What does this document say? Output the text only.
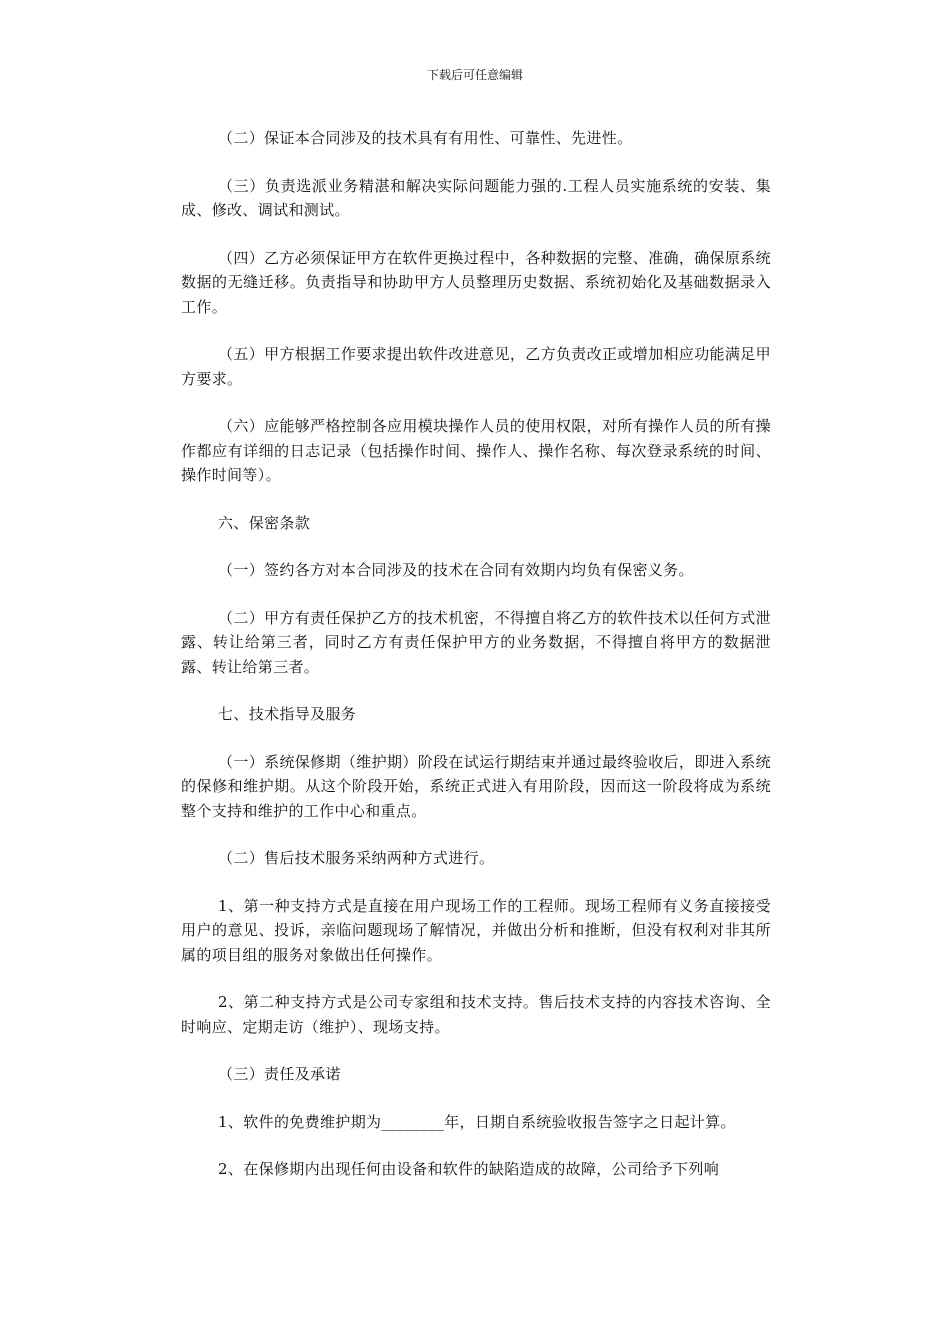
下载后可任意编辑

（二）保证本合同涉及的技术具有有用性、可靠性、先进性。

（三）负责选派业务精湛和解决实际问题能力强的.工程人员实施系统的安装、集成、修改、调试和测试。

（四）乙方必须保证甲方在软件更换过程中，各种数据的完整、准确，确保原系统数据的无缝迁移。负责指导和协助甲方人员整理历史数据、系统初始化及基础数据录入工作。

（五）甲方根据工作要求提出软件改进意见，乙方负责改正或增加相应功能满足甲方要求。

（六）应能够严格控制各应用模块操作人员的使用权限，对所有操作人员的所有操作都应有详细的日志记录（包括操作时间、操作人、操作名称、每次登录系统的时间、操作时间等）。

六、保密条款

（一）签约各方对本合同涉及的技术在合同有效期内均负有保密义务。

（二）甲方有责任保护乙方的技术机密，不得擅自将乙方的软件技术以任何方式泄露、转让给第三者，同时乙方有责任保护甲方的业务数据，不得擅自将甲方的数据泄露、转让给第三者。

七、技术指导及服务

（一）系统保修期（维护期）阶段在试运行期结束并通过最终验收后，即进入系统的保修和维护期。从这个阶段开始，系统正式进入有用阶段，因而这一阶段将成为系统整个支持和维护的工作中心和重点。

（二）售后技术服务采纳两种方式进行。

1、第一种支持方式是直接在用户现场工作的工程师。现场工程师有义务直接接受用户的意见、投诉，亲临问题现场了解情况，并做出分析和推断，但没有权利对非其所属的项目组的服务对象做出任何操作。

2、第二种支持方式是公司专家组和技术支持。售后技术支持的内容技术咨询、全时响应、定期走访（维护）、现场支持。

（三）责任及承诺

1、软件的免费维护期为________年，日期自系统验收报告签字之日起计算。

2、在保修期内出现任何由设备和软件的缺陷造成的故障，公司给予下列响
